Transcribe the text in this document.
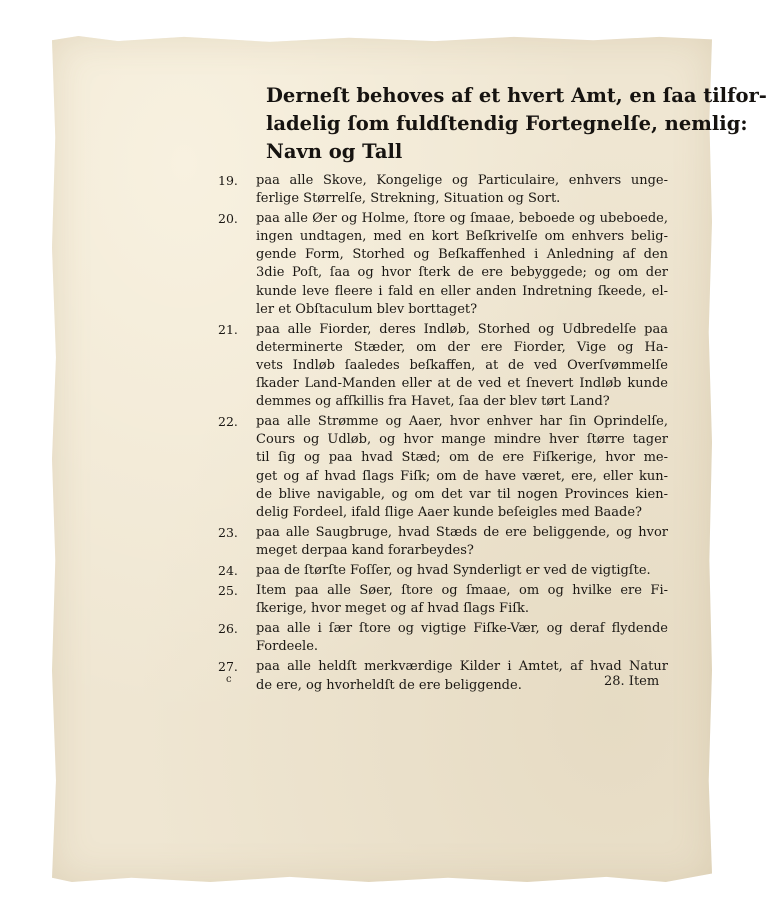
Derneſt behoves af et hvert Amt, en ſaa tilfor-
ladelig ſom fuldſtendig Fortegnelſe, nemlig:
Navn og Tall
19.	paa alle Skove, Kongelige og Particulaire, enhvers unge-
ferlige Størrelſe, Strekning, Situation og Sort.
20.	paa alle Øer og Holme, ſtore og ſmaae, beboede og ubeboede,
ingen undtagen, med en kort Beſkrivelſe om enhvers belig-
gende Form, Storhed og Beſkaffenhed i Anledning af den
3die Poſt, ſaa og hvor ſterk de ere bebyggede; og om der
kunde leve fleere i fald en eller anden Indretning ſkeede, el-
ler et Obſtaculum blev borttaget?
21.	paa alle Fiorder, deres Indløb, Storhed og Udbredelſe paa
determinerte Stæder, om der ere Fiorder, Vige og Ha-
vets Indløb ſaaledes beſkaffen, at de ved Overſvømmelſe
ſkader Land-Manden eller at de ved et ſnevert Indløb kunde
demmes og afſkillis fra Havet, ſaa der blev tørt Land?
22.	paa alle Strømme og Aaer, hvor enhver har ſin Oprindelſe,
Cours og Udløb, og hvor mange mindre hver ſtørre tager
til ſig og paa hvad Stæd; om de ere Fiſkerige, hvor me-
get og af hvad ſlags Fiſk; om de have været, ere, eller kun-
de blive navigable, og om det var til nogen Provinces kien-
delig Fordeel, ifald ſlige Aaer kunde beſeigles med Baade?
23.	paa alle Saugbruge, hvad Stæds de ere beliggende, og hvor
meget derpaa kand forarbeydes?
24.	paa de ſtørſte Foſſer, og hvad Synderligt er ved de vigtigſte.
25.	Item paa alle Søer, ſtore og ſmaae, om og hvilke ere Fi-
ſkerige, hvor meget og af hvad ſlags Fiſk.
26.	paa alle i ſær ſtore og vigtige Fiſke-Vær, og deraf flydende
Fordeele.
27.	paa alle heldſt merkværdige Kilder i Amtet, af hvad Natur
de ere, og hvorheldſt de ere beliggende.
c	28. Item
